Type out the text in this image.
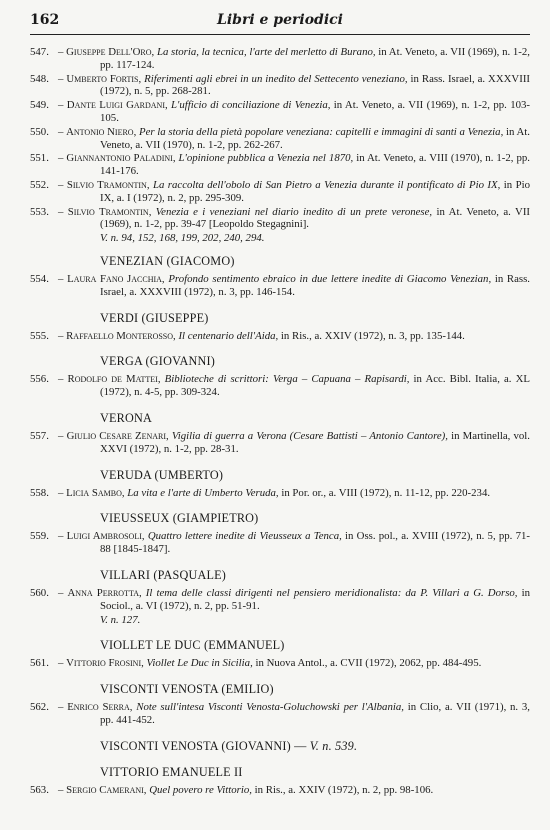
162	Libri e periodici
547. – Giuseppe Dell'Oro, La storia, la tecnica, l'arte del merletto di Burano, in At. Veneto, a. VII (1969), n. 1-2, pp. 117-124.
548. – Umberto Fortis, Riferimenti agli ebrei in un inedito del Settecento veneziano, in Rass. Israel, a. XXXVIII (1972), n. 5, pp. 268-281.
549. – Dante Luigi Gardani, L'ufficio di conciliazione di Venezia, in At. Veneto, a. VII (1969), n. 1-2, pp. 103-105.
550. – Antonio Niero, Per la storia della pietà popolare veneziana: capitelli e immagini di santi a Venezia, in At. Veneto, a. VII (1970), n. 1-2, pp. 262-267.
551. – Giannantonio Paladini, L'opinione pubblica a Venezia nel 1870, in At. Veneto, a. VIII (1970), n. 1-2, pp. 141-176.
552. – Silvio Tramontin, La raccolta dell'obolo di San Pietro a Venezia durante il pontificato di Pio IX, in Pio IX, a. I (1972), n. 2, pp. 295-309.
553. – Silvio Tramontin, Venezia e i veneziani nel diario inedito di un prete veronese, in At. Veneto, a. VII (1969), n. 1-2, pp. 39-47 [Leopoldo Stegagnini].
V. n. 94, 152, 168, 199, 202, 240, 294.
VENEZIAN (GIACOMO)
554. – Laura Fano Jacchia, Profondo sentimento ebraico in due lettere inedite di Giacomo Venezian, in Rass. Israel, a. XXXVIII (1972), n. 3, pp. 146-154.
VERDI (GIUSEPPE)
555. – Raffaello Monterosso, Il centenario dell'Aida, in Ris., a. XXIV (1972), n. 3, pp. 135-144.
VERGA (GIOVANNI)
556. – Rodolfo de Mattei, Biblioteche di scrittori: Verga – Capuana – Rapisardi, in Acc. Bibl. Italia, a. XL (1972), n. 4-5, pp. 309-324.
VERONA
557. – Giulio Cesare Zenari, Vigilia di guerra a Verona (Cesare Battisti – Antonio Cantore), in Martinella, vol. XXVI (1972), n. 1-2, pp. 28-31.
VERUDA (UMBERTO)
558. – Licia Sambo, La vita e l'arte di Umberto Veruda, in Por. or., a. VIII (1972), n. 11-12, pp. 220-234.
VIEUSSEUX (GIAMPIETRO)
559. – Luigi Ambrosoli, Quattro lettere inedite di Vieusseux a Tenca, in Oss. pol., a. XVIII (1972), n. 5, pp. 71-88 [1845-1847].
VILLARI (PASQUALE)
560. – Anna Perrotta, Il tema delle classi dirigenti nel pensiero meridionalista: da P. Villari a G. Dorso, in Sociol., a. VI (1972), n. 2, pp. 51-91.
V. n. 127.
VIOLLET LE DUC (EMMANUEL)
561. – Vittorio Frosini, Viollet Le Duc in Sicilia, in Nuova Antol., a. CVII (1972), 2062, pp. 484-495.
VISCONTI VENOSTA (EMILIO)
562. – Enrico Serra, Note sull'intesa Visconti Venosta-Goluchowski per l'Albania, in Clio, a. VII (1971), n. 3, pp. 441-452.
VISCONTI VENOSTA (GIOVANNI) — V. n. 539.
VITTORIO EMANUELE II
563. – Sergio Camerani, Quel povero re Vittorio, in Ris., a. XXIV (1972), n. 2, pp. 98-106.
